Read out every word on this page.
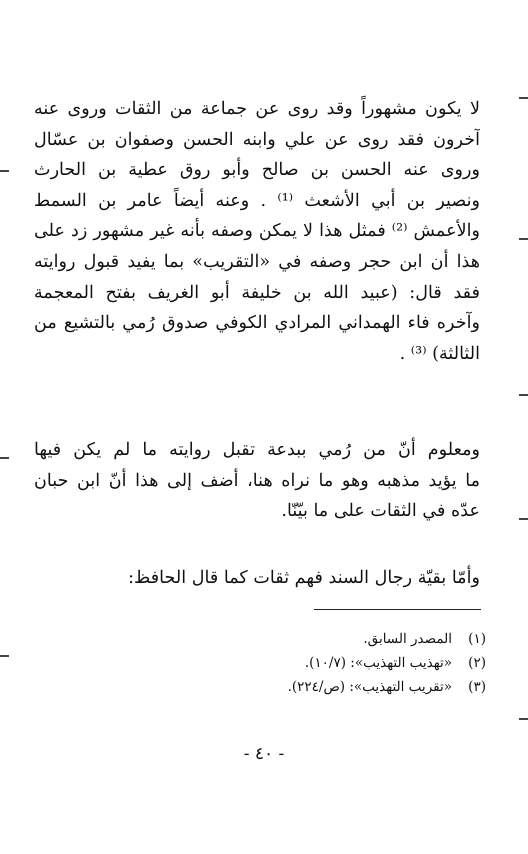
لا يكون مشهوراً وقد روى عن جماعة من الثقات وروى عنه
آخرون فقد روى عن علي وابنه الحسن وصفوان بن عسّال
وروى عنه الحسن بن صالح وأبو روق عطية بن الحارث
ونصير بن أبي الأشعث ⁽¹⁾ . وعنه أيضاً عامر بن السمط
والأعمش ⁽²⁾ فمثل هذا لا يمكن وصفه بأنه غير مشهور زد على
هذا أن ابن حجر وصفه في «التقريب» بما يفيد قبول روايته
فقد قال: (عبيد الله بن خليفة أبو الغريف بفتح المعجمة
وآخره فاء الهمداني المرادي الكوفي صدوق رُمي بالتشيع من
الثالثة) ⁽³⁾ .
ومعلوم أنّ من رُمي ببدعة تقبل روايته ما لم يكن فيها
ما يؤيد مذهبه وهو ما نراه هنا، أضف إلى هذا أنّ ابن حبان
عدّه في الثقات على ما بيّنّا.
وأمّا بقيّة رجال السند فهم ثقات كما قال الحافظ:
(١)
المصدر السابق.
(٢)
«تهذيب التهذيب»: (١٠/٧).
(٣)
«تقريب التهذيب»: (ص/٢٢٤).
- ٤٠ -
